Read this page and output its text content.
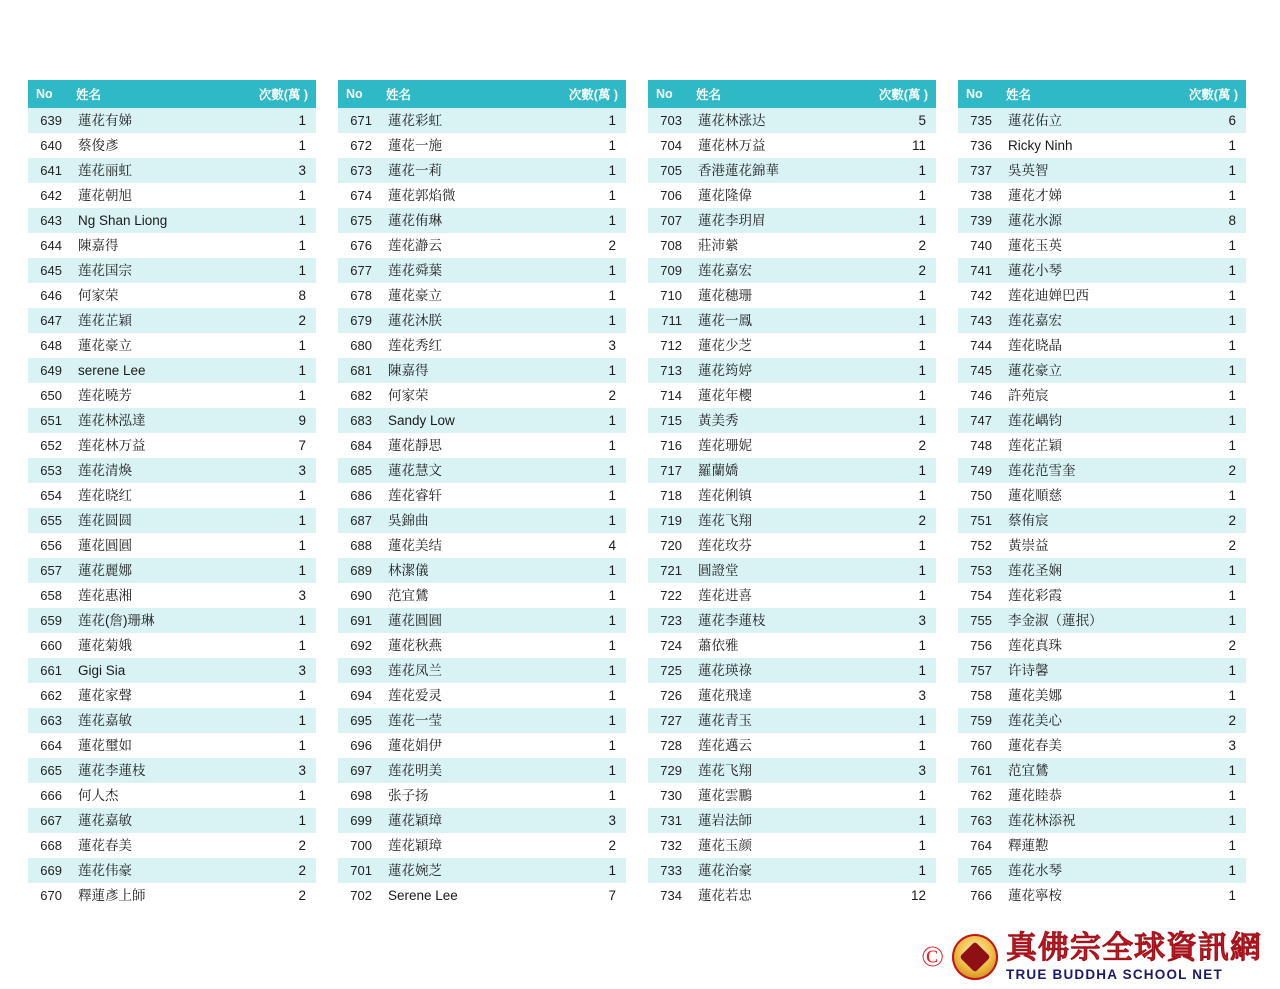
No	姓名	次數(萬 )
639	蓮花有娣	1
640	蔡俊彥	1
641	莲花丽虹	3
642	蓮花朝旭	1
643	Ng Shan Liong	1
644	陳嘉得	1
645	莲花国宗	1
646	何家荣	8
647	莲花芷穎	2
648	蓮花豪立	1
649	serene Lee	1
650	莲花曉芳	1
651	莲花林泓達	9
652	莲花林万益	7
653	莲花清煥	3
654	莲花晓红	1
655	莲花圆圆	1
656	蓮花圓圓	1
657	蓮花麗娜	1
658	莲花惠湘	3
659	莲花(詹)珊琳	1
660	蓮花菊娥	1
661	Gigi Sia	3
662	蓮花家聲	1
663	莲花嘉敏	1
664	蓮花璽如	1
665	蓮花李蓮枝	3
666	何人杰	1
667	蓮花嘉敏	1
668	蓮花春美	2
669	莲花伟豪	2
670	釋蓮彥上師	2
No	姓名	次數(萬 )
671	蓮花彩虹	1
672	蓮花一施	1
673	蓮花一莉	1
674	蓮花郭焰微	1
675	蓮花侑琳	1
676	莲花瀞云	2
677	莲花舜葉	1
678	蓮花豪立	1
679	蓮花沐朕	1
680	莲花秀红	3
681	陳嘉得	1
682	何家荣	2
683	Sandy Low	1
684	蓮花靜思	1
685	蓮花慧文	1
686	莲花睿轩	1
687	吳錦曲	1
688	蓮花美结	4
689	林潔儀	1
690	范宜鷥	1
691	蓮花圓圓	1
692	蓮花秋燕	1
693	莲花凤兰	1
694	莲花爱灵	1
695	莲花一莹	1
696	蓮花娟伊	1
697	莲花明美	1
698	张子扬	1
699	蓮花穎璋	3
700	莲花穎璋	2
701	蓮花婉芝	1
702	Serene Lee	7
No	姓名	次數(萬 )
703	蓮花林涨达	5
704	蓮花林万益	11
705	香港蓮花錦華	1
706	蓮花隆偉	1
707	蓮花李玥眉	1
708	莊沛縈	2
709	莲花嘉宏	2
710	蓮花穗珊	1
711	蓮花一鳳	1
712	蓮花少芝	1
713	蓮花筠婷	1
714	蓮花年櫻	1
715	黃美秀	1
716	莲花珊妮	2
717	羅蘭嬌	1
718	莲花俐镇	1
719	莲花飞翔	2
720	莲花玫芬	1
721	圓證堂	1
722	莲花进喜	1
723	蓮花李蓮枝	3
724	蕭依雅	1
725	蓮花瑛祿	1
726	蓮花飛達	3
727	蓮花青玉	1
728	莲花邁云	1
729	莲花飞翔	3
730	蓮花雲鵬	1
731	蓮岩法師	1
732	蓮花玉颜	1
733	蓮花治豪	1
734	蓮花若忠	12
No	姓名	次數(萬 )
735	蓮花佑立	6
736	Ricky Ninh	1
737	吳英智	1
738	蓮花才娣	1
739	蓮花水源	8
740	蓮花玉英	1
741	蓮花小琴	1
742	莲花迪婵巴西	1
743	莲花嘉宏	1
744	莲花晓晶	1
745	蓮花豪立	1
746	許苑宸	1
747	莲花嵎钧	1
748	莲花芷穎	1
749	莲花范雪奎	2
750	蓮花順慈	1
751	蔡侑宸	2
752	黃崇益	2
753	莲花圣娴	1
754	莲花彩霞	1
755	李金淑（蓮抿）	1
756	莲花真珠	2
757	许诗馨	1
758	蓮花美娜	1
759	莲花美心	2
760	蓮花春美	3
761	范宜鷥	1
762	蓮花睦恭	1
763	莲花林添祝	1
764	釋蓮懃	1
765	莲花水琴	1
766	蓮花寧桉	1
© 真佛宗全球資訊網
TRUE BUDDHA SCHOOL NET
